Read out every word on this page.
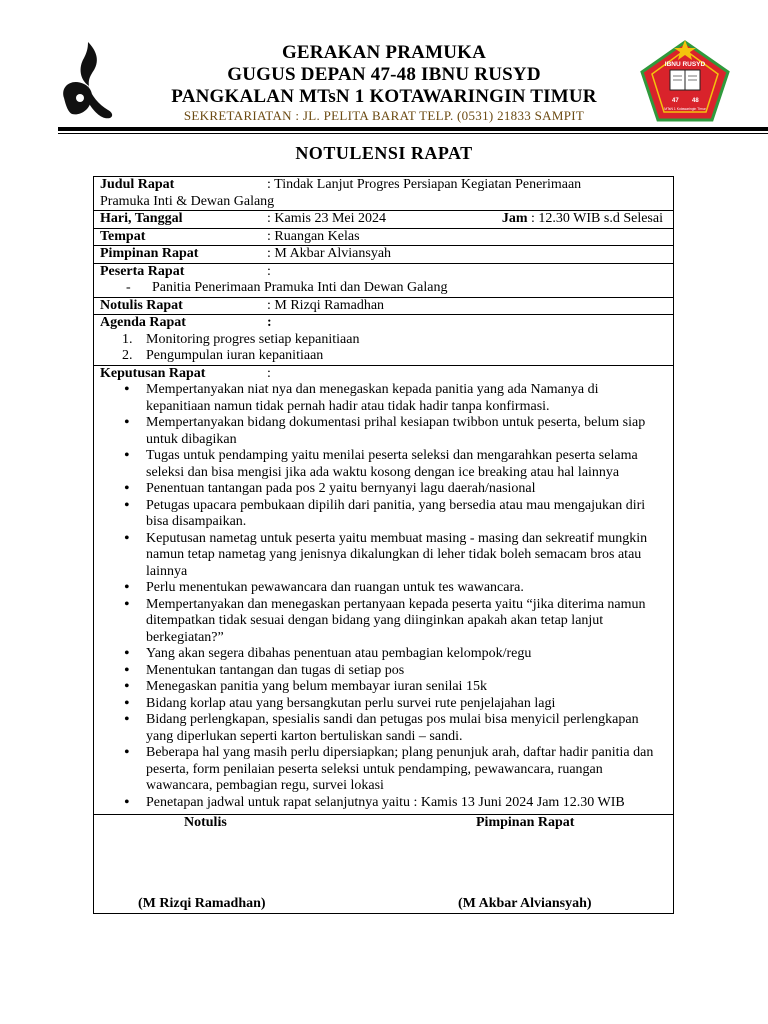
GERAKAN PRAMUKA
GUGUS DEPAN 47-48 IBNU RUSYD
PANGKALAN MTsN 1 KOTAWARINGIN TIMUR
SEKRETARIATAN : JL. PELITA BARAT TELP. (0531) 21833 SAMPIT
IBNU RUSYD
47 48
MTsN 1 Kotawaringin Timur
NOTULENSI RAPAT
Judul Rapat	: Tindak Lanjut Progres Persiapan Kegiatan Penerimaan
Pramuka Inti & Dewan Galang
Hari, Tanggal	: Kamis 23 Mei 2024	Jam : 12.30 WIB s.d Selesai
Tempat	: Ruangan Kelas
Pimpinan Rapat	: M Akbar Alviansyah
Peserta Rapat	:
- Panitia Penerimaan Pramuka Inti dan Dewan Galang
Notulis Rapat	: M Rizqi Ramadhan
Agenda Rapat	:
1. Monitoring progres setiap kepanitiaan
2. Pengumpulan iuran kepanitiaan
Keputusan Rapat	:
• Mempertanyakan niat nya dan menegaskan kepada panitia yang ada Namanya di kepanitiaan namun tidak pernah hadir atau tidak hadir tanpa konfirmasi.
• Mempertanyakan bidang dokumentasi prihal kesiapan twibbon untuk peserta, belum siap untuk dibagikan
• Tugas untuk pendamping yaitu menilai peserta seleksi dan mengarahkan peserta selama seleksi dan bisa mengisi jika ada waktu kosong dengan ice breaking atau hal lainnya
• Penentuan tantangan pada pos 2 yaitu bernyanyi lagu daerah/nasional
• Petugas upacara pembukaan dipilih dari panitia, yang bersedia atau mau mengajukan diri bisa disampaikan.
• Keputusan nametag untuk peserta yaitu membuat masing - masing dan sekreatif mungkin namun tetap nametag yang jenisnya dikalungkan di leher tidak boleh semacam bros atau lainnya
• Perlu menentukan pewawancara dan ruangan untuk tes wawancara.
• Mempertanyakan dan menegaskan pertanyaan kepada peserta yaitu “jika diterima namun ditempatkan tidak sesuai dengan bidang yang diinginkan apakah akan tetap lanjut berkegiatan?”
• Yang akan segera dibahas penentuan atau pembagian kelompok/regu
• Menentukan tantangan dan tugas di setiap pos
• Menegaskan panitia yang belum membayar iuran senilai 15k
• Bidang korlap atau yang bersangkutan perlu survei rute penjelajahan lagi
• Bidang perlengkapan, spesialis sandi dan petugas pos mulai bisa menyicil perlengkapan yang diperlukan seperti karton bertuliskan sandi – sandi.
• Beberapa hal yang masih perlu dipersiapkan; plang penunjuk arah, daftar hadir panitia dan peserta, form penilaian peserta seleksi untuk pendamping, pewawancara, ruangan wawancara, pembagian regu, survei lokasi
• Penetapan jadwal untuk rapat selanjutnya yaitu : Kamis 13 Juni 2024 Jam 12.30 WIB
Notulis	Pimpinan Rapat
(M Rizqi Ramadhan)	(M Akbar Alviansyah)
